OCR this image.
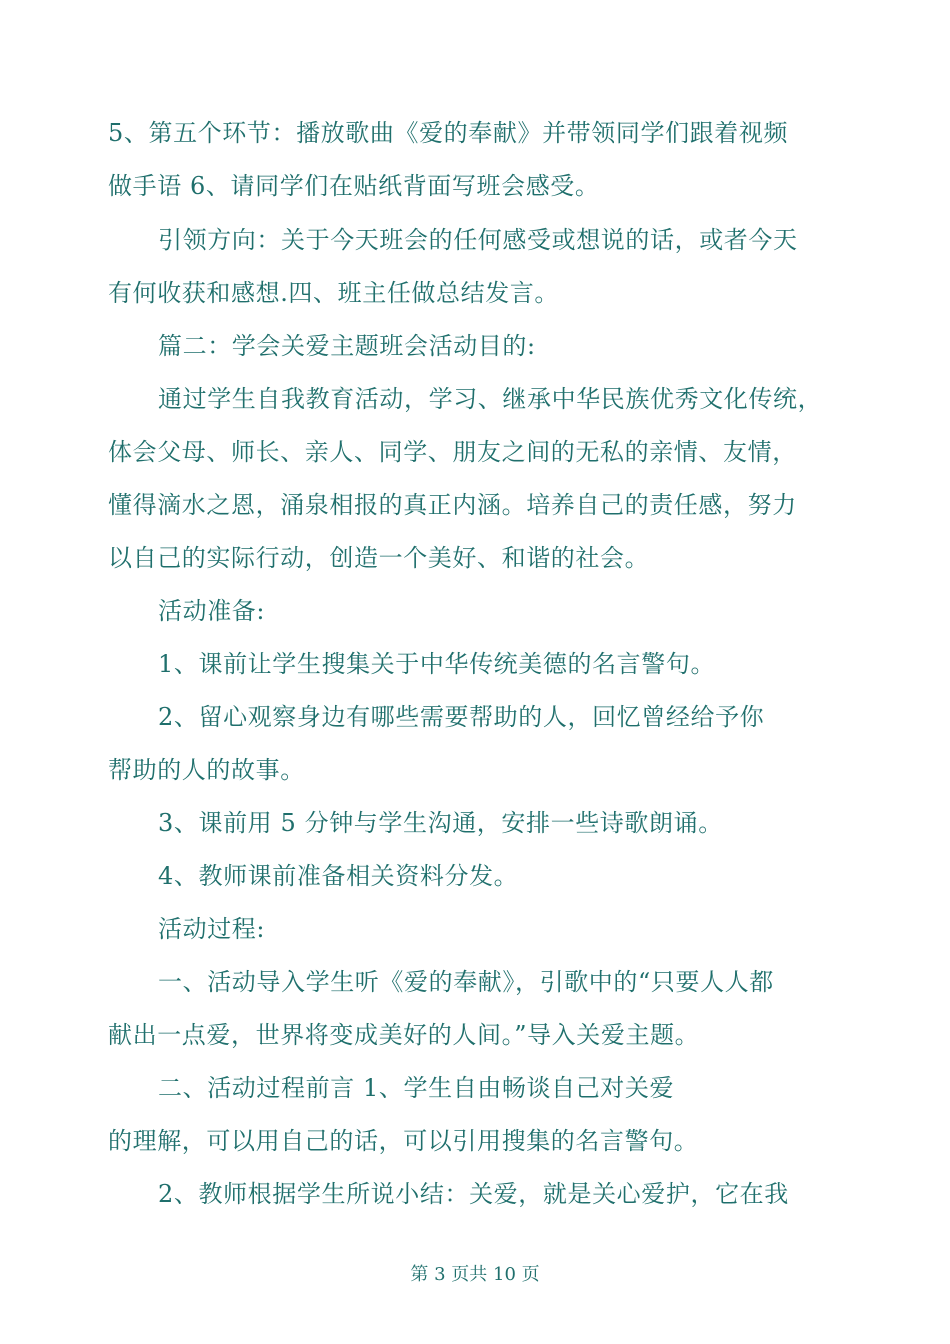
5、第五个环节：播放歌曲《爱的奉献》并带领同学们跟着视频
做手语 6、请同学们在贴纸背面写班会感受。
引领方向：关于今天班会的任何感受或想说的话，或者今天
有何收获和感想.四、班主任做总结发言。
篇二：学会关爱主题班会活动目的:
通过学生自我教育活动，学习、继承中华民族优秀文化传统，
体会父母、师长、亲人、同学、朋友之间的无私的亲情、友情，
懂得滴水之恩，涌泉相报的真正内涵。培养自己的责任感，努力
以自己的实际行动，创造一个美好、和谐的社会。
活动准备:
1、课前让学生搜集关于中华传统美德的名言警句。
2、留心观察身边有哪些需要帮助的人，回忆曾经给予你
帮助的人的故事。
3、课前用 5 分钟与学生沟通，安排一些诗歌朗诵。
4、教师课前准备相关资料分发。
活动过程:
一、活动导入学生听《爱的奉献》，引歌中的“只要人人都
献出一点爱，世界将变成美好的人间。”导入关爱主题。
二、活动过程前言 1、学生自由畅谈自己对关爱
的理解，可以用自己的话，可以引用搜集的名言警句。
2、教师根据学生所说小结：关爱，就是关心爱护，它在我
第 3 页共 10 页
